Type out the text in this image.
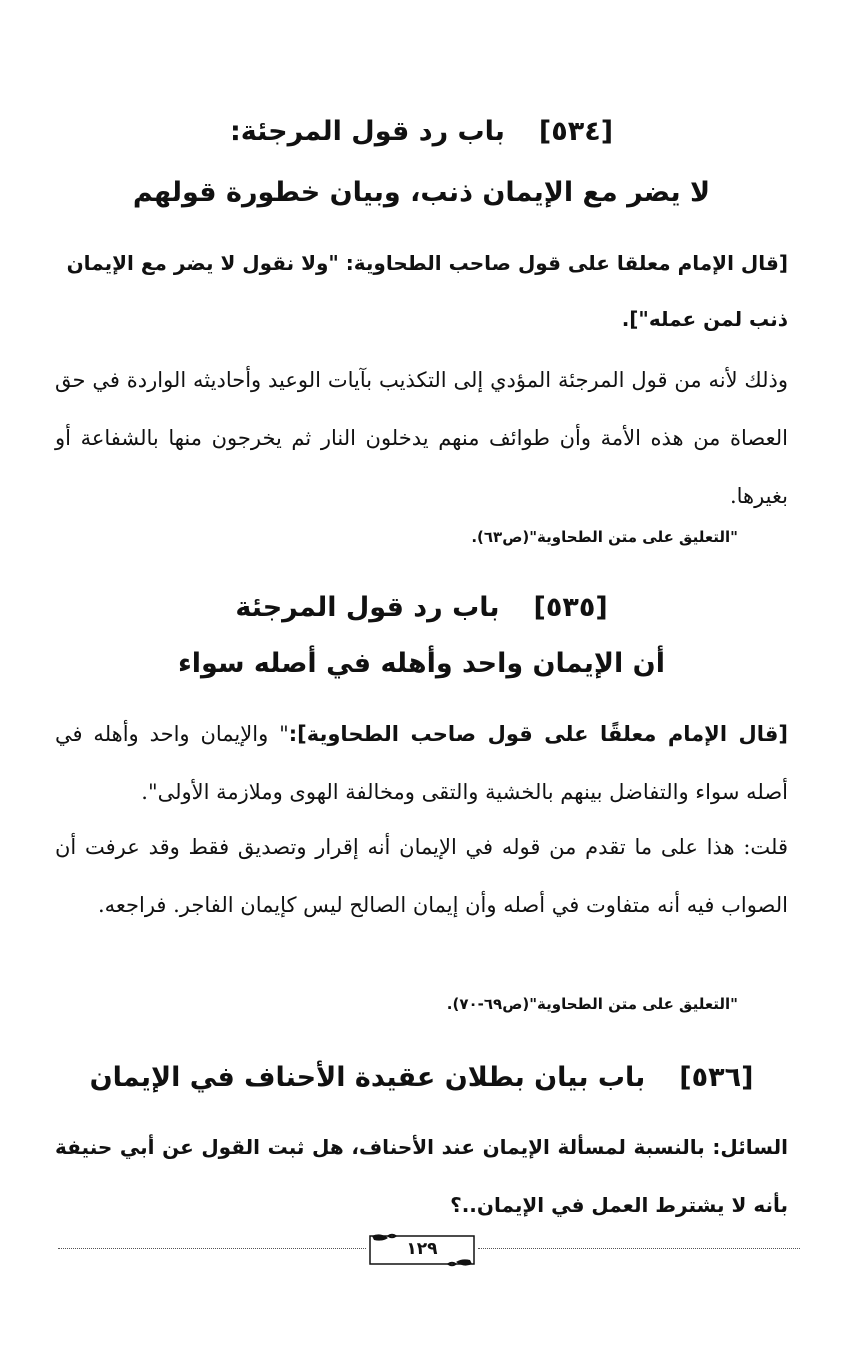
[٥٣٤]باب رد قول المرجئة:
لا يضر مع الإيمان ذنب، وبيان خطورة قولهم
[قال الإمام معلقا على قول صاحب الطحاوية: "ولا نقول لا يضر مع الإيمان
ذنب لمن عمله"].
وذلك لأنه من قول المرجئة المؤدي إلى التكذيب بآيات الوعيد وأحاديثه الواردة في حق العصاة من هذه الأمة وأن طوائف منهم يدخلون النار ثم يخرجون منها بالشفاعة أو بغيرها.
"التعليق على متن الطحاوية"(ص٦٣).
[٥٣٥]باب رد قول المرجئة
أن الإيمان واحد وأهله في أصله سواء
[قال الإمام معلقًا على قول صاحب الطحاوية]:" والإيمان واحد وأهله في أصله سواء والتفاضل بينهم بالخشية والتقى ومخالفة الهوى وملازمة الأولى".
قلت: هذا على ما تقدم من قوله في الإيمان أنه إقرار وتصديق فقط وقد عرفت أن الصواب فيه أنه متفاوت في أصله وأن إيمان الصالح ليس كإيمان الفاجر. فراجعه.
"التعليق على متن الطحاوية"(ص٦٩-٧٠).
[٥٣٦]باب بيان بطلان عقيدة الأحناف في الإيمان
السائل: بالنسبة لمسألة الإيمان عند الأحناف، هل ثبت القول عن أبي حنيفة بأنه لا يشترط العمل في الإيمان..؟
١٢٩
